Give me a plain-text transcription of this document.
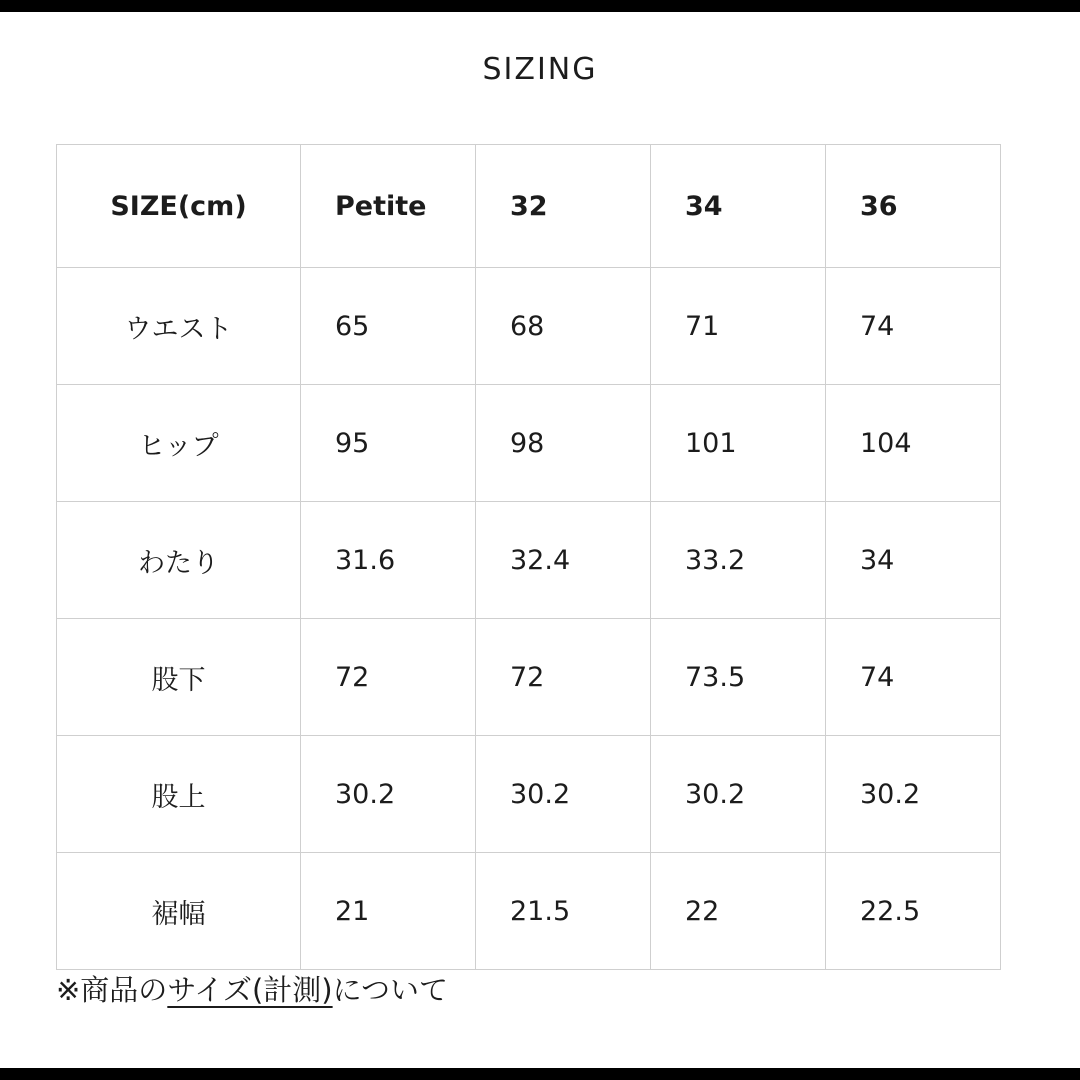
SIZING
SIZE(cm)	Petite	32	34	36
ウエスト	65	68	71	74
ヒップ	95	98	101	104
わたり	31.6	32.4	33.2	34
股下	72	72	73.5	74
股上	30.2	30.2	30.2	30.2
裾幅	21	21.5	22	22.5
※商品のサイズ(計測)について
